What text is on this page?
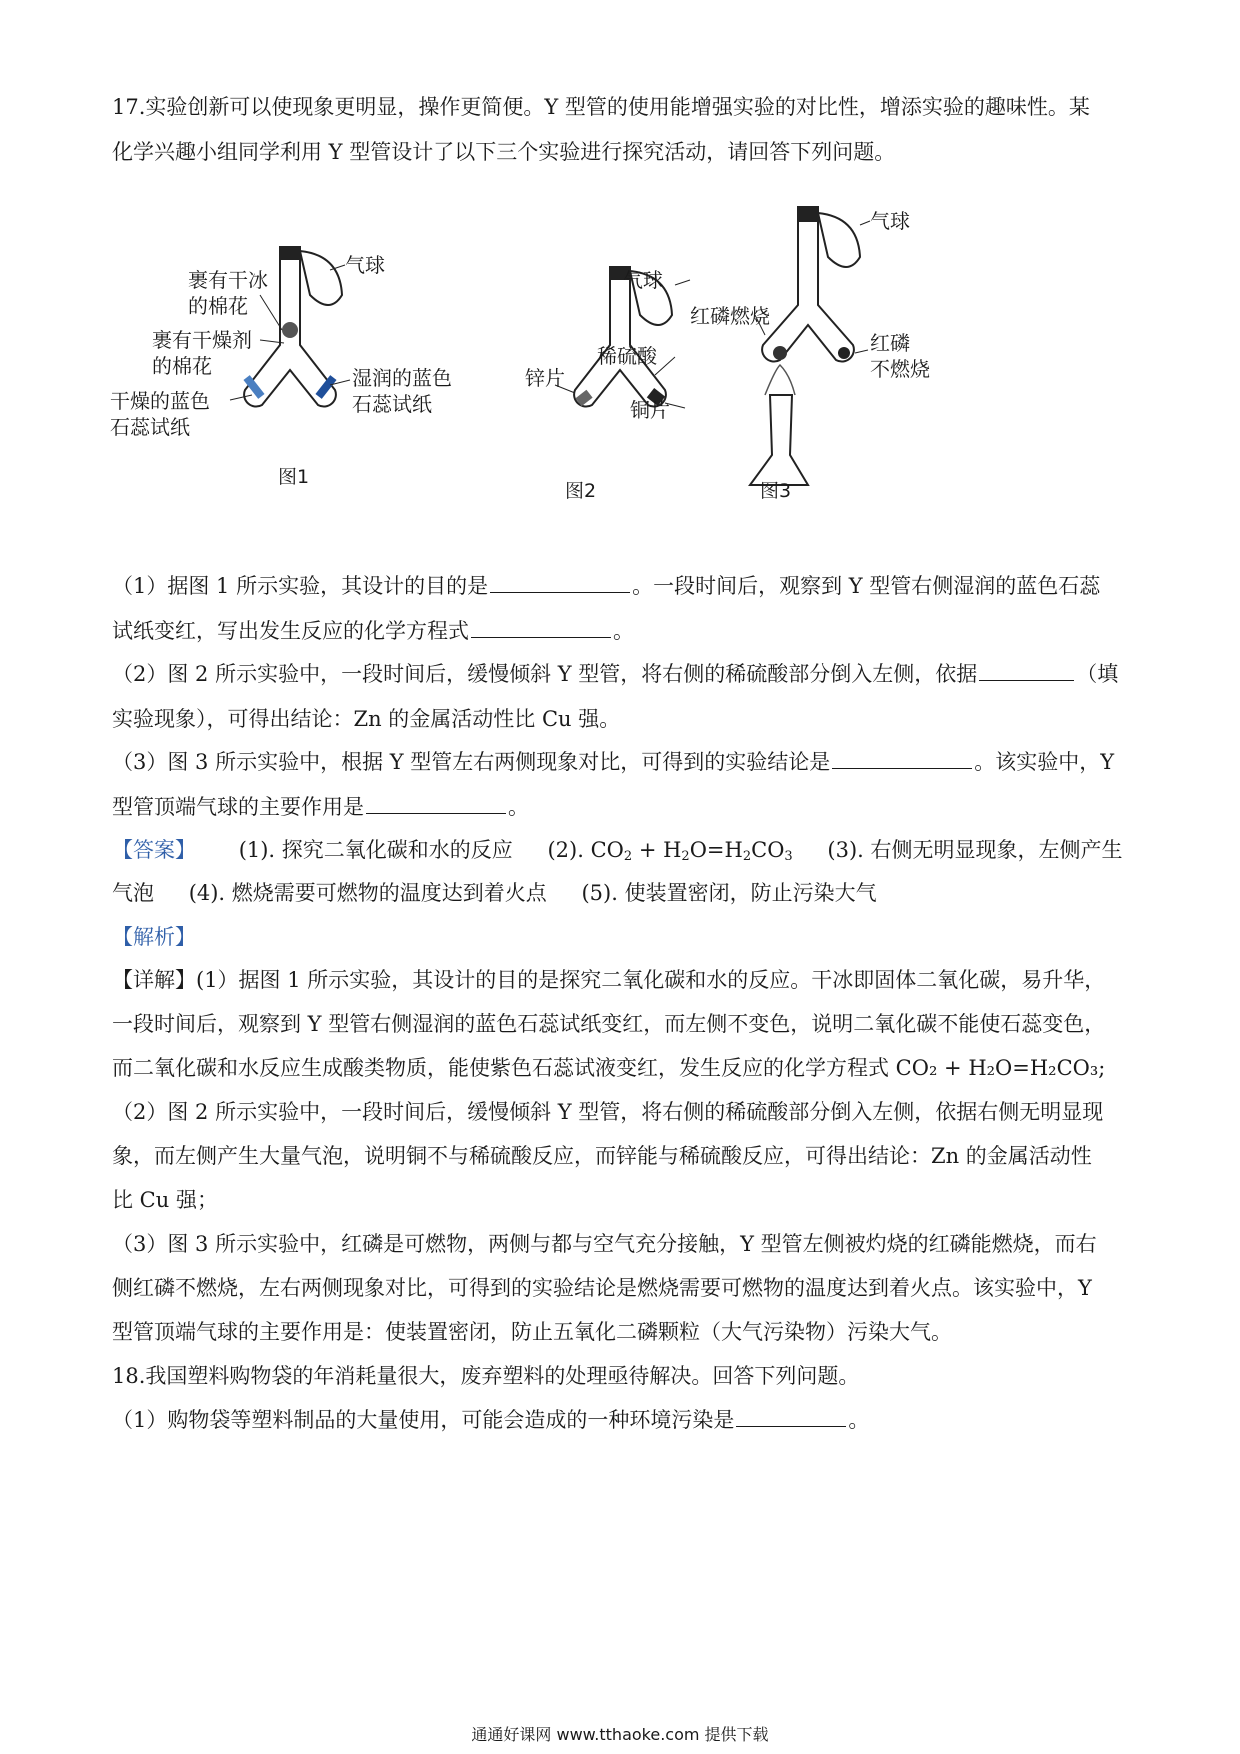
17.实验创新可以使现象更明显，操作更简便。Y 型管的使用能增强实验的对比性，增添实验的趣味性。某
化学兴趣小组同学利用 Y 型管设计了以下三个实验进行探究活动，请回答下列问题。
气球
裹有干冰
的棉花
裹有干燥剂
的棉花	湿润的蓝色
石蕊试纸
干燥的蓝色
石蕊试纸
图1
气球
稀硫酸
锌片
铜片
图2
气球
红磷燃烧
红磷
不燃烧
图3
（1）据图 1 所示实验，其设计的目的是	。一段时间后，观察到 Y 型管右侧湿润的蓝色石蕊
试纸变红，写出发生反应的化学方程式	。
（2）图 2 所示实验中，一段时间后，缓慢倾斜 Y 型管，将右侧的稀硫酸部分倒入左侧，依据	（填
实验现象），可得出结论：Zn 的金属活动性比 Cu 强。
（3）图 3 所示实验中，根据 Y 型管左右两侧现象对比，可得到的实验结论是	。该实验中，Y
型管顶端气球的主要作用是	。
【答案】 (1). 探究二氧化碳和水的反应 (2). $CO_2 + H_2O=H_2CO_3$ (3). 右侧无明显现象，左侧产生
气泡 (4). 燃烧需要可燃物的温度达到着火点 (5). 使装置密闭，防止污染大气
【解析】
【详解】(1）据图 1 所示实验，其设计的目的是探究二氧化碳和水的反应。干冰即固体二氧化碳，易升华，
一段时间后，观察到 Y 型管右侧湿润的蓝色石蕊试纸变红，而左侧不变色，说明二氧化碳不能使石蕊变色，
而二氧化碳和水反应生成酸类物质，能使紫色石蕊试液变红，发生反应的化学方程式 CO₂ + H₂O=H₂CO₃;
（2）图 2 所示实验中，一段时间后，缓慢倾斜 Y 型管，将右侧的稀硫酸部分倒入左侧，依据右侧无明显现
象，而左侧产生大量气泡，说明铜不与稀硫酸反应，而锌能与稀硫酸反应，可得出结论：Zn 的金属活动性
比 Cu 强；
（3）图 3 所示实验中，红磷是可燃物，两侧与都与空气充分接触，Y 型管左侧被灼烧的红磷能燃烧，而右
侧红磷不燃烧，左右两侧现象对比，可得到的实验结论是燃烧需要可燃物的温度达到着火点。该实验中，Y
型管顶端气球的主要作用是：使装置密闭，防止五氧化二磷颗粒（大气污染物）污染大气。
18.我国塑料购物袋的年消耗量很大，废弃塑料的处理亟待解决。回答下列问题。
（1）购物袋等塑料制品的大量使用，可能会造成的一种环境污染是	。
通通好课网 www.tthaoke.com 提供下载
